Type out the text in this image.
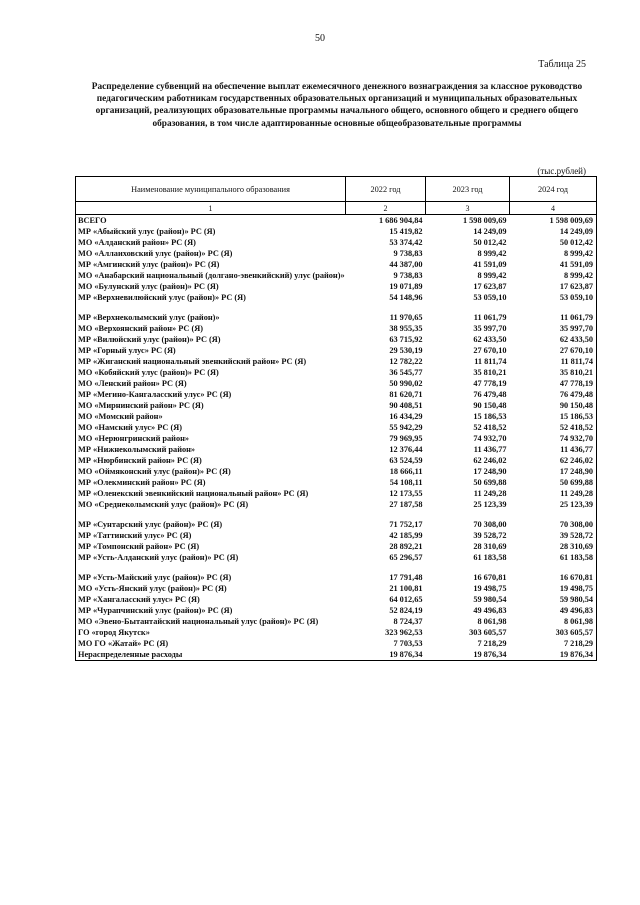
50
Таблица 25
Распределение субвенций на обеспечение выплат ежемесячного денежного вознаграждения за классное руководство педагогическим работникам государственных образовательных организаций и муниципальных образовательных организаций, реализующих образовательные программы начального общего, основного общего и среднего общего образования, в том числе адаптированные основные общеобразовательные программы
(тыс.рублей)
Наименование муниципального образования	2022 год	2023 год	2024 год
1	2	3	4
ВСЕГО	1 686 904,84	1 598 009,69	1 598 009,69
МР «Абыйский улус (район)» РС (Я)	15 419,82	14 249,09	14 249,09
МО «Алданский район» РС (Я)	53 374,42	50 012,42	50 012,42
МО «Аллаиховский улус (район)» РС (Я)	9 738,83	8 999,42	8 999,42
МР «Амгинский улус (район)» РС (Я)	44 387,00	41 591,09	41 591,09
МО «Анабарский национальный (долгано-эвенкийский) улус (район)»	9 738,83	8 999,42	8 999,42
МО «Булунский улус (район)» РС (Я)	19 071,89	17 623,87	17 623,87
МР «Верхневилюйский улус (район)» РС (Я)	54 148,96	53 059,10	53 059,10

МР «Верхнеколымский улус (район)»	11 970,65	11 061,79	11 061,79
МО «Верхоянский район» РС (Я)	38 955,35	35 997,70	35 997,70
МР «Вилюйский улус (район)» РС (Я)	63 715,92	62 433,50	62 433,50
МР «Горный улус» РС (Я)	29 530,19	27 670,10	27 670,10
МР «Жиганский национальный эвенкийский район» РС (Я)	12 782,22	11 811,74	11 811,74
МО «Кобяйский улус (район)» РС (Я)	36 545,77	35 810,21	35 810,21
МО «Ленский район» РС (Я)	50 990,02	47 778,19	47 778,19
МР «Мегино-Кангаласский улус» РС (Я)	81 620,71	76 479,48	76 479,48
МО «Мирнинский район» РС (Я)	90 408,51	90 150,48	90 150,48
МО «Момский район»	16 434,29	15 186,53	15 186,53
МО «Намский улус» РС (Я)	55 942,29	52 418,52	52 418,52
МО «Нерюнгринский район»	79 969,95	74 932,70	74 932,70
МР «Нижнеколымский район»	12 376,44	11 436,77	11 436,77
МР «Нюрбинский район» РС (Я)	63 524,59	62 246,02	62 246,02
МО «Оймяконский улус (район)» РС (Я)	18 666,11	17 248,90	17 248,90
МР «Олекминский район» РС (Я)	54 108,11	50 699,88	50 699,88
МР «Оленекский эвенкийский национальный район» РС (Я)	12 173,55	11 249,28	11 249,28
МО «Среднеколымский улус (район)» РС (Я)	27 187,58	25 123,39	25 123,39

МР «Сунтарский улус (район)» РС (Я)	71 752,17	70 308,00	70 308,00
МР «Таттинский улус» РС (Я)	42 185,99	39 528,72	39 528,72
МР «Томпонский район» РС (Я)	28 892,21	28 310,69	28 310,69
МР «Усть-Алданский улус (район)» РС (Я)	65 296,57	61 183,58	61 183,58

МР «Усть-Майский улус (район)» РС (Я)	17 791,48	16 670,81	16 670,81
МО «Усть-Янский улус (район)» РС (Я)	21 100,81	19 498,75	19 498,75
МР «Хангаласский улус» РС (Я)	64 012,65	59 980,54	59 980,54
МР «Чурапчинский улус (район)» РС (Я)	52 824,19	49 496,83	49 496,83
МО «Эвено-Бытантайский национальный улус (район)» РС (Я)	8 724,37	8 061,98	8 061,98
ГО «город Якутск»	323 962,53	303 605,57	303 605,57
МО ГО «Жатай» РС (Я)	7 703,53	7 218,29	7 218,29
Нераспределенные расходы	19 876,34	19 876,34	19 876,34
